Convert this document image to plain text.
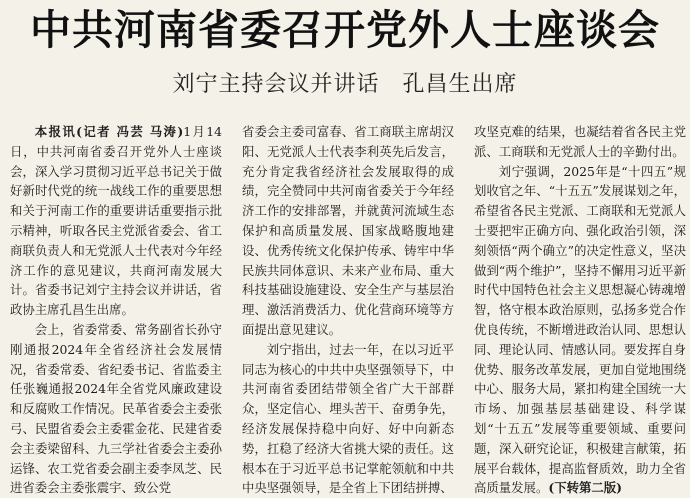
中共河南省委召开党外人士座谈会
刘宁主持会议并讲话　孔昌生出席

本报讯(记者 冯芸 马涛)1月14日，中共河南省委召开党外人士座谈会，深入学习贯彻习近平总书记关于做好新时代党的统一战线工作的重要思想和关于河南工作的重要讲话重要指示批示精神，听取各民主党派省委会、省工商联负责人和无党派人士代表对今年经济工作的意见建议，共商河南发展大计。省委书记刘宁主持会议并讲话，省政协主席孔昌生出席。

会上，省委常委、常务副省长孙守刚通报2024年全省经济社会发展情况，省委常委、省纪委书记、省监委主任张巍通报2024年全省党风廉政建设和反腐败工作情况。民革省委会主委张弓、民盟省委会主委霍金花、民建省委会主委梁留科、九三学社省委会主委孙运锋、农工党省委会副主委李凤芝、民进省委会主委张震宇、致公党

省委会主委司富春、省工商联主席胡汉阳、无党派人士代表李利英先后发言，充分肯定我省经济社会发展取得的成绩，完全赞同中共河南省委关于今年经济工作的安排部署，并就黄河流域生态保护和高质量发展、国家战略腹地建设、优秀传统文化保护传承、铸牢中华民族共同体意识、未来产业布局、重大科技基础设施建设、安全生产与基层治理、激活消费活力、优化营商环境等方面提出意见建议。

刘宁指出，过去一年，在以习近平同志为核心的中共中央坚强领导下，中共河南省委团结带领全省广大干部群众，坚定信心、埋头苦干、奋勇争先，经济发展保持稳中向好、好中向新态势，扛稳了经济大省挑大梁的责任。这根本在于习近平总书记掌舵领航和中共中央坚强领导，是全省上下团结拼搏、

攻坚克难的结果，也凝结着省各民主党派、工商联和无党派人士的辛勤付出。

刘宁强调，2025年是“十四五”规划收官之年、“十五五”发展谋划之年，希望省各民主党派、工商联和无党派人士要把牢正确方向、强化政治引领，深刻领悟“两个确立”的决定性意义，坚决做到“两个维护”，坚持不懈用习近平新时代中国特色社会主义思想凝心铸魂增智，恪守根本政治原则，弘扬多党合作优良传统，不断增进政治认同、思想认同、理论认同、情感认同。要发挥自身优势、服务改革发展，更加自觉地围绕中心、服务大局，紧扣构建全国统一大市场、加强基层基础建设、科学谋划“十五五”发展等重要领域、重要问题，深入研究论证，积极建言献策，拓展平台载体，提高监督质效，助力全省高质量发展。(下转第二版)
